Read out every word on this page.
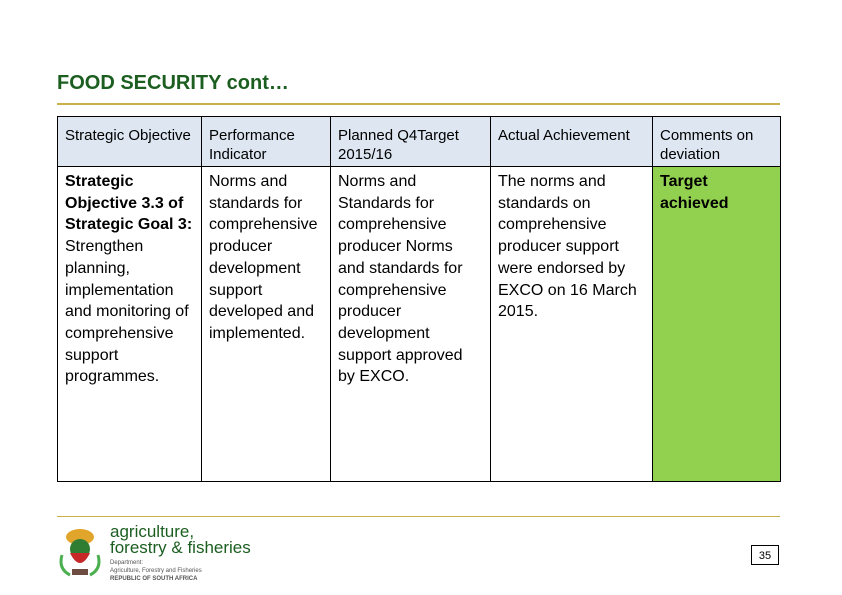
FOOD SECURITY cont…
Strategic Objective	Performance Indicator	Planned Q4Target 2015/16	Actual Achievement	Comments on deviation
Strategic Objective 3.3 of Strategic Goal 3: Strengthen planning, implementation and monitoring of comprehensive support programmes.	Norms and standards for comprehensive producer development support developed and implemented.	Norms and Standards for comprehensive producer Norms and standards for comprehensive producer development support approved by EXCO.	The norms and standards on comprehensive producer support were endorsed by EXCO on 16 March 2015.	Target achieved
agriculture,
forestry & fisheries
Department:
Agriculture, Forestry and Fisheries
REPUBLIC OF SOUTH AFRICA
35
